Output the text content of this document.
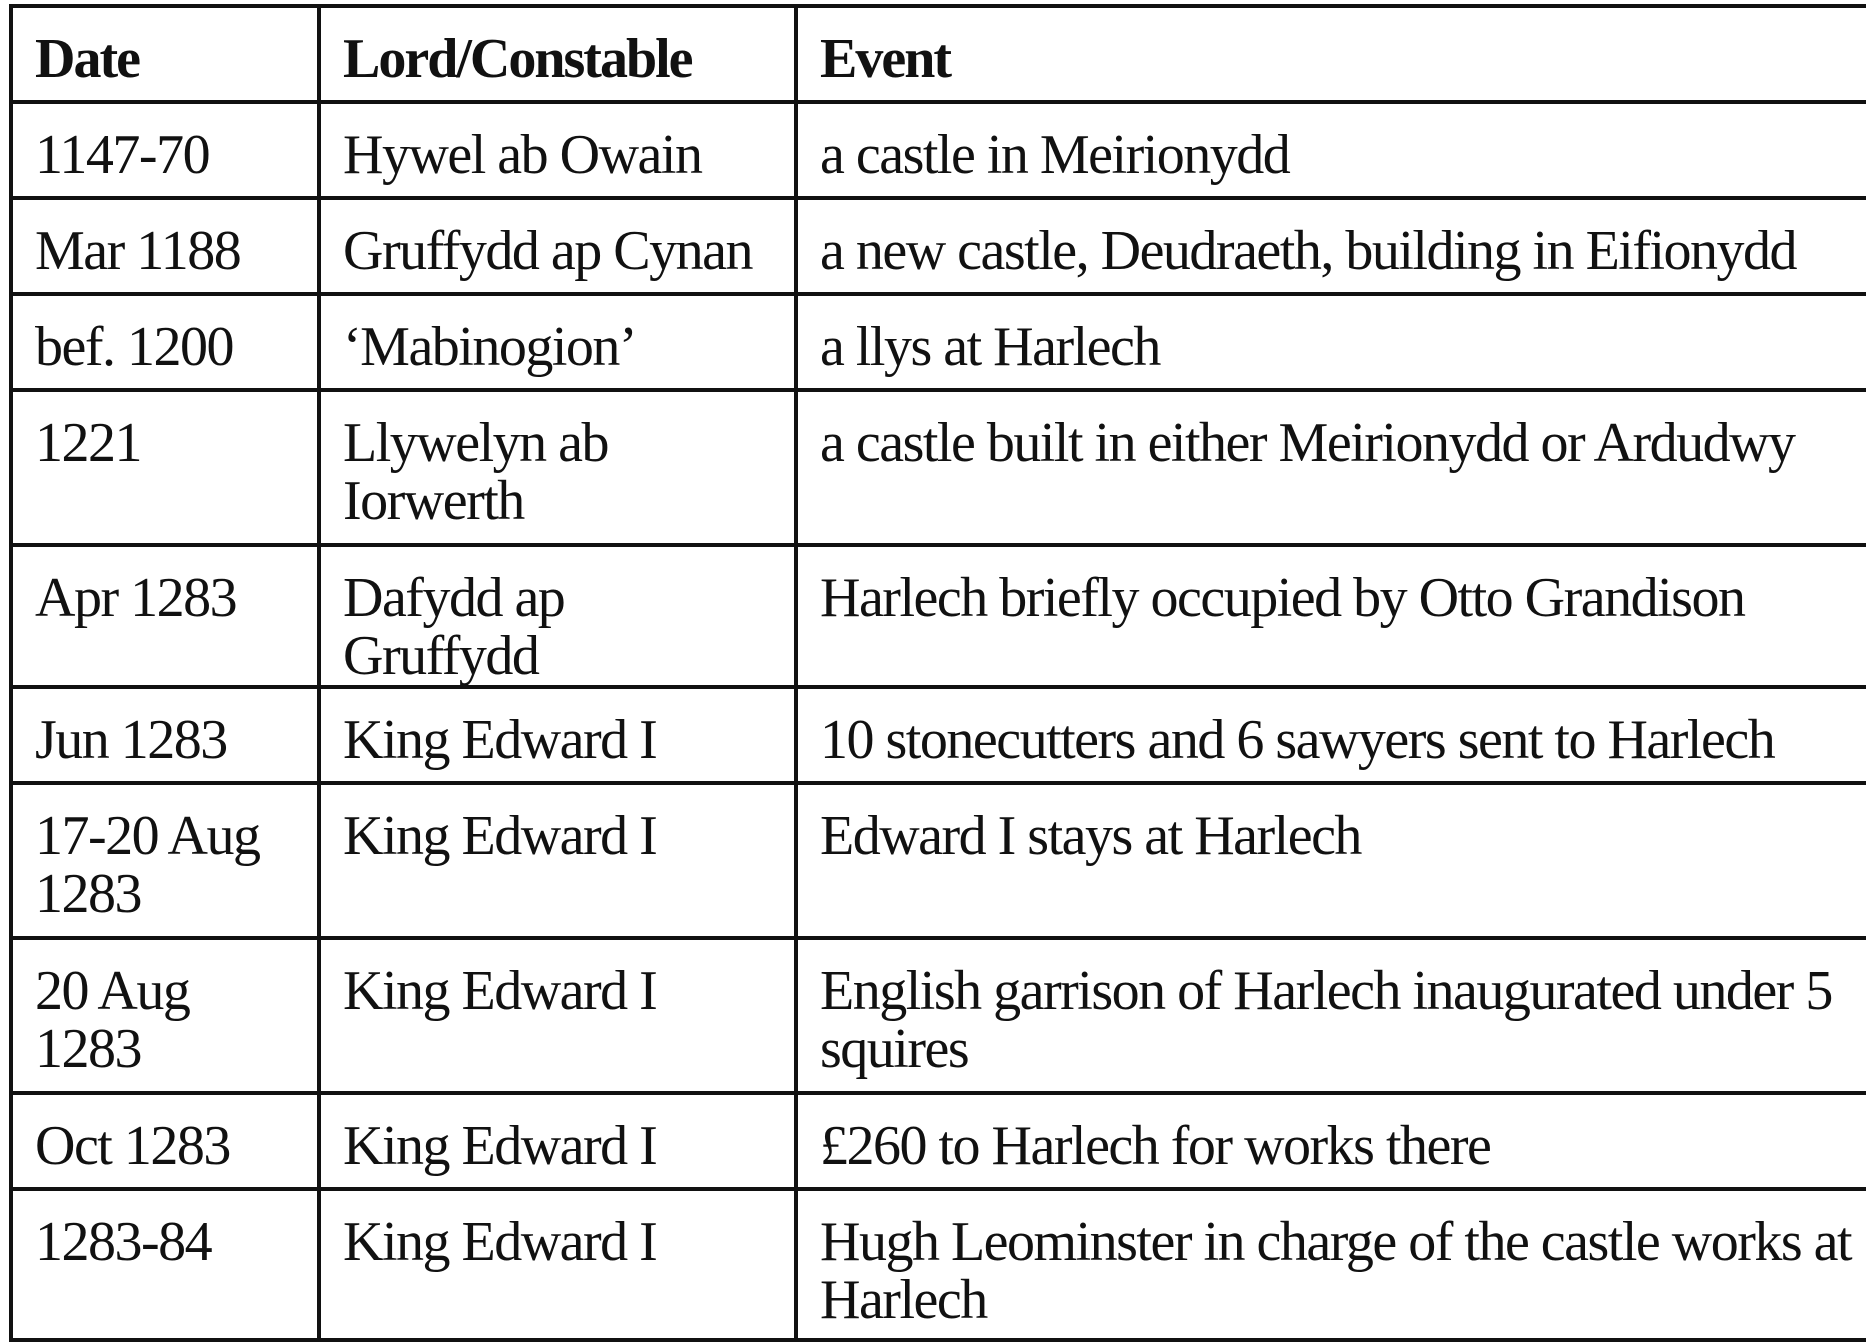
Date	Lord/Constable	Event
1147-70	Hywel ab Owain	a castle in Meirionydd
Mar 1188	Gruffydd ap Cynan	a new castle, Deudraeth, building in Eifionydd
bef. 1200	‘Mabinogion’	a llys at Harlech
1221	Llywelyn ab Iorwerth	a castle built in either Meirionydd or Ardudwy
Apr 1283	Dafydd ap Gruffydd	Harlech briefly occupied by Otto Grandison
Jun 1283	King Edward I	10 stonecutters and 6 sawyers sent to Harlech
17-20 Aug 1283	King Edward I	Edward I stays at Harlech
20 Aug 1283	King Edward I	English garrison of Harlech inaugurated under 5 squires
Oct 1283	King Edward I	£260 to Harlech for works there
1283-84	King Edward I	Hugh Leominster in charge of the castle works at Harlech
